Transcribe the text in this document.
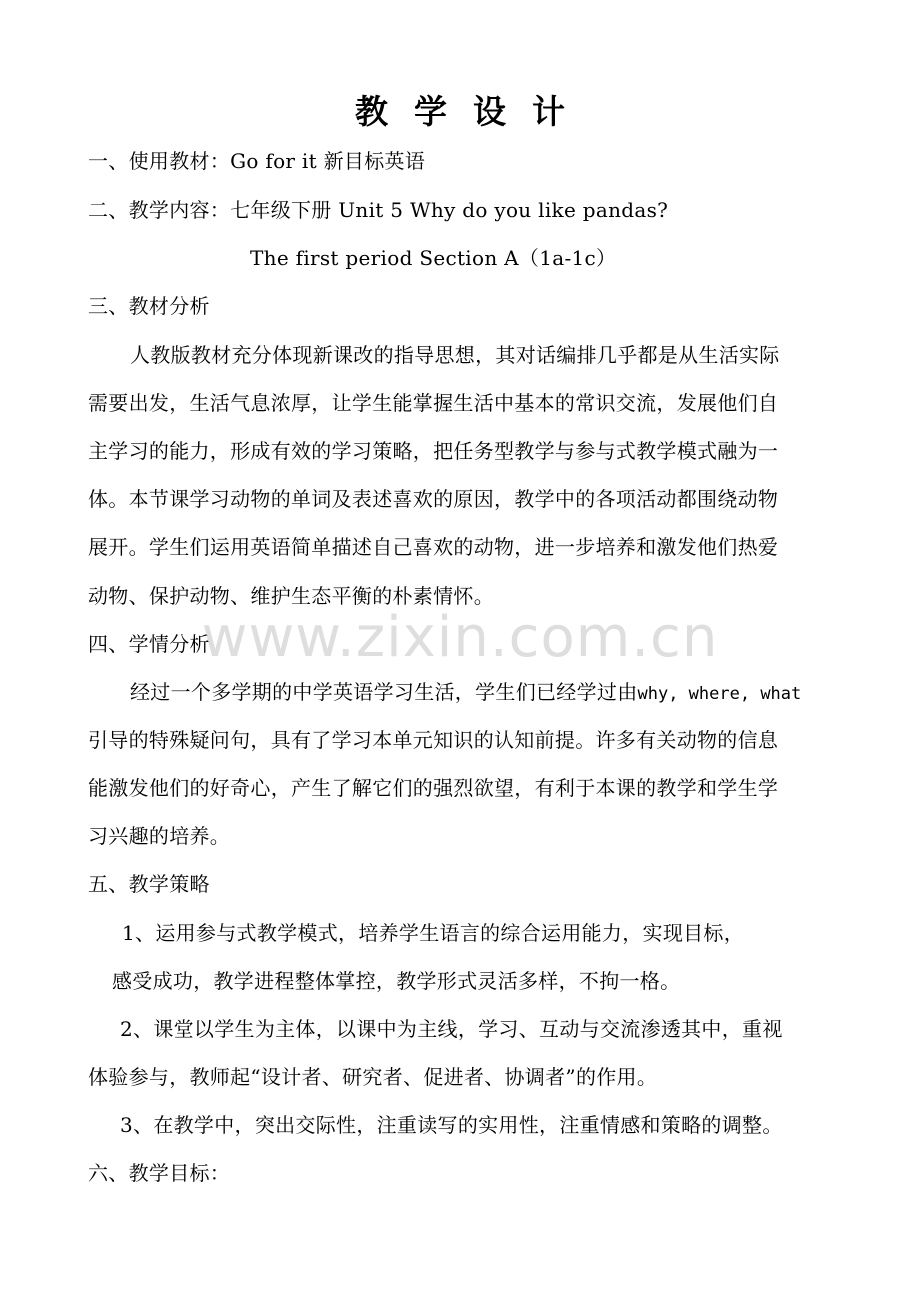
教 学 设 计
一、使用教材：Go for it 新目标英语
二、教学内容：七年级下册 Unit 5 Why do you like pandas?
The first period Section A（1a-1c）
三、教材分析
人教版教材充分体现新课改的指导思想，其对话编排几乎都是从生活实际
需要出发，生活气息浓厚，让学生能掌握生活中基本的常识交流，发展他们自
主学习的能力，形成有效的学习策略，把任务型教学与参与式教学模式融为一
体。本节课学习动物的单词及表述喜欢的原因，教学中的各项活动都围绕动物
展开。学生们运用英语简单描述自己喜欢的动物，进一步培养和激发他们热爱
动物、保护动物、维护生态平衡的朴素情怀。
四、学情分析
经过一个多学期的中学英语学习生活，学生们已经学过由why, where, what
引导的特殊疑问句，具有了学习本单元知识的认知前提。许多有关动物的信息
能激发他们的好奇心，产生了解它们的强烈欲望，有利于本课的教学和学生学
习兴趣的培养。
五、教学策略
1、运用参与式教学模式，培养学生语言的综合运用能力，实现目标，
感受成功，教学进程整体掌控，教学形式灵活多样，不拘一格。
2、课堂以学生为主体，以课中为主线，学习、互动与交流渗透其中，重视
体验参与，教师起“设计者、研究者、促进者、协调者”的作用。
3、在教学中，突出交际性，注重读写的实用性，注重情感和策略的调整。
六、教学目标：
www.zixin.com.cn
